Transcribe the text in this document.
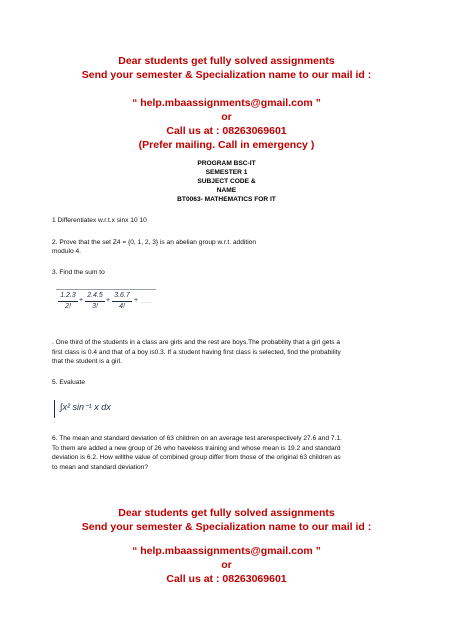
Dear students get fully solved assignments
Send your semester & Specialization name to our mail id :
“ help.mbaassignments@gmail.com ”
or
Call us at : 08263069601
(Prefer mailing. Call in emergency )
PROGRAM BSC-IT
SEMESTER 1
SUBJECT CODE &
NAME
BT0063- MATHEMATICS FOR IT
1 Differentiatex w.r.t.x sinx 10 10
2. Prove that the set Z4 = {0, 1, 2, 3} is an abelian group w.r.t. addition
modulo 4.
3. Find the sum to
1.2.3
2!
+
2.4.5
3!
+
3.6.7
4!
+ ……
. One third of the students in a class are girls and the rest are boys.The probability that a girl gets a
first class is 0.4 and that of a boy is0.3. If a student having first class is selected, find the probability
that the student is a girl.
5. Evaluate
∫x² sin⁻¹ x dx
6. The mean and standard deviation of 63 children on an average test arerespectively 27.6 and 7.1.
To them are added a new group of 26 who haveless training and whose mean is 19.2 and standard
deviation is 6.2. How willthe value of combined group differ from those of the original 63 children as
to mean and standard deviation?
Dear students get fully solved assignments
Send your semester & Specialization name to our mail id :
“ help.mbaassignments@gmail.com ”
or
Call us at : 08263069601
